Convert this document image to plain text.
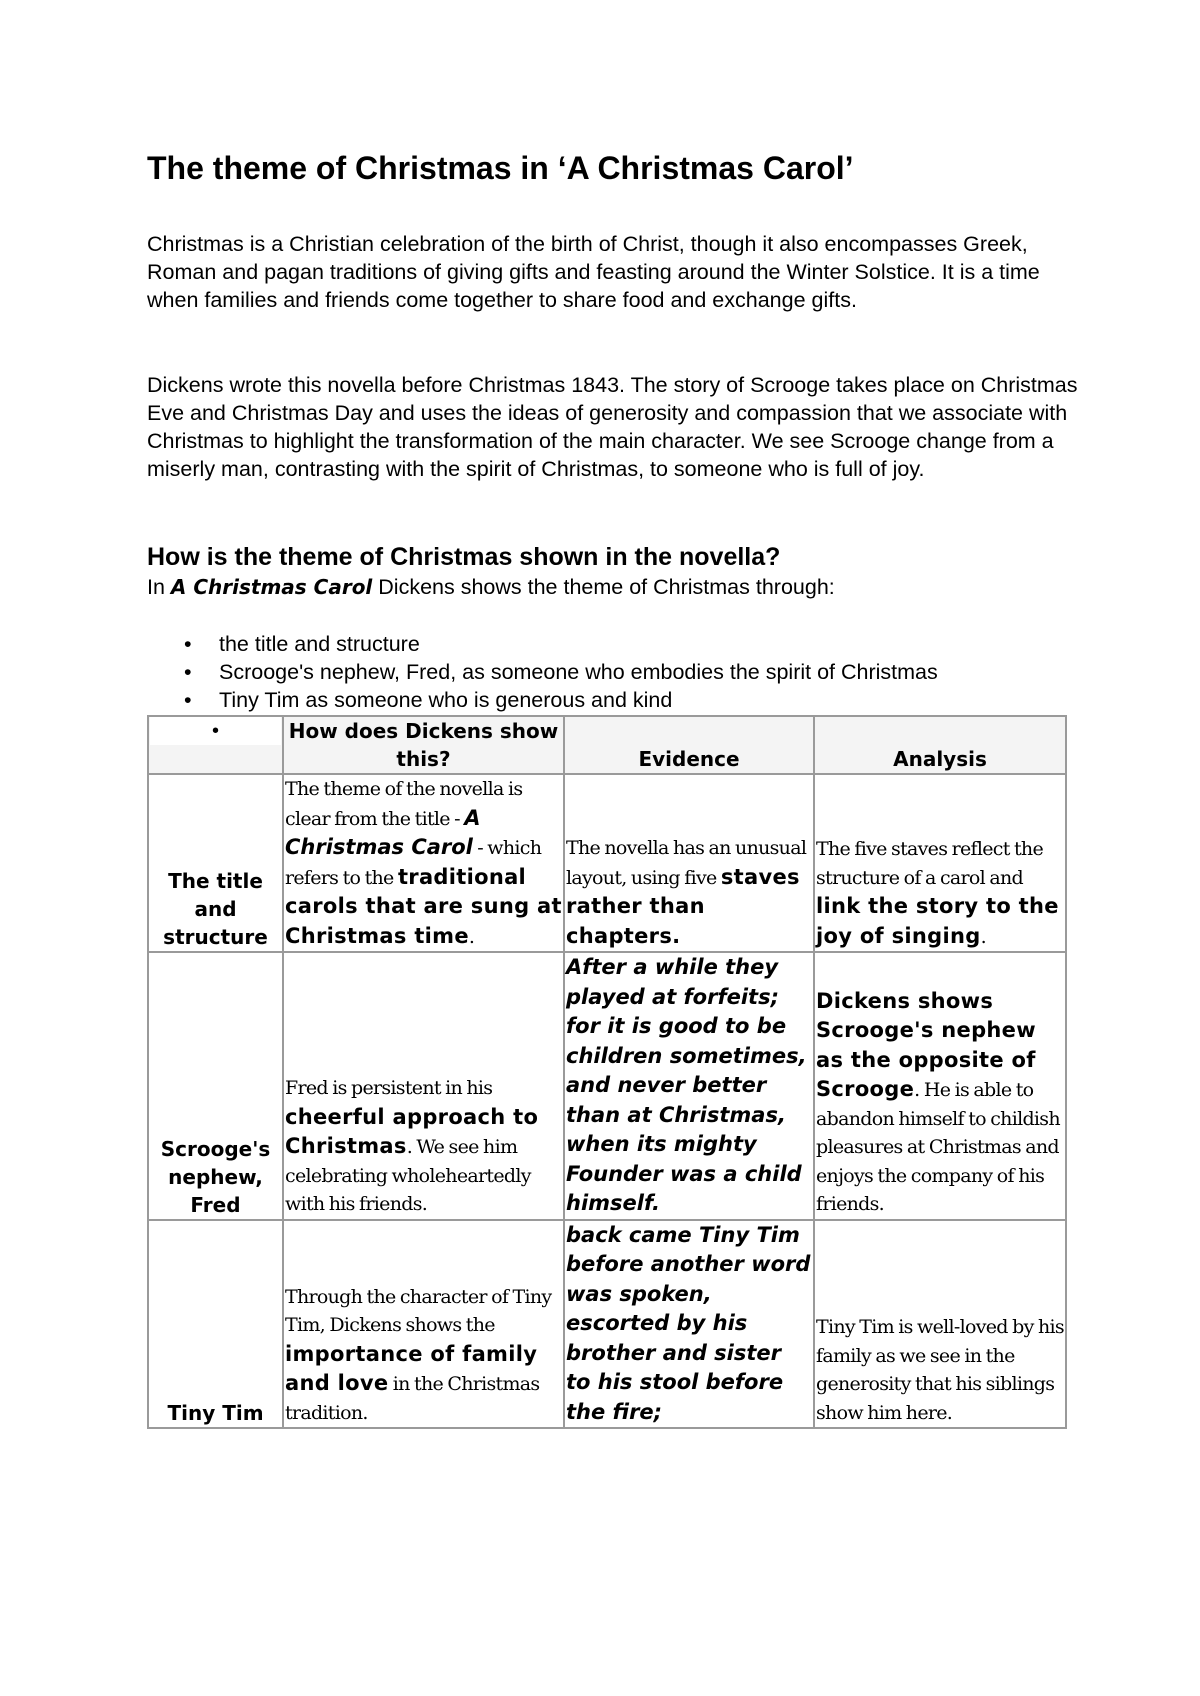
The theme of Christmas in ‘A Christmas Carol’

Christmas is a Christian celebration of the birth of Christ, though it also encompasses Greek, Roman and pagan traditions of giving gifts and feasting around the Winter Solstice. It is a time when families and friends come together to share food and exchange gifts.

Dickens wrote this novella before Christmas 1843. The story of Scrooge takes place on Christmas Eve and Christmas Day and uses the ideas of generosity and compassion that we associate with Christmas to highlight the transformation of the main character. We see Scrooge change from a miserly man, contrasting with the spirit of Christmas, to someone who is full of joy.

How is the theme of Christmas shown in the novella?

In A Christmas Carol Dickens shows the theme of Christmas through:

• the title and structure
• Scrooge's nephew, Fred, as someone who embodies the spirit of Christmas
• Tiny Tim as someone who is generous and kind
•	How does Dickens show this?	Evidence	Analysis
The title and structure	The theme of the novella is clear from the title - A Christmas Carol - which refers to the traditional carols that are sung at Christmas time.	The novella has an unusual layout, using five staves rather than chapters.	The five staves reflect the structure of a carol and link the story to the joy of singing.
Scrooge's nephew, Fred	Fred is persistent in his cheerful approach to Christmas. We see him celebrating wholeheartedly with his friends.	After a while they played at forfeits; for it is good to be children sometimes, and never better than at Christmas, when its mighty Founder was a child himself.	Dickens shows Scrooge's nephew as the opposite of Scrooge. He is able to abandon himself to childish pleasures at Christmas and enjoys the company of his friends.
Tiny Tim	Through the character of Tiny Tim, Dickens shows the importance of family and love in the Christmas tradition.	back came Tiny Tim before another word was spoken, escorted by his brother and sister to his stool before the fire;	Tiny Tim is well-loved by his family as we see in the generosity that his siblings show him here.
